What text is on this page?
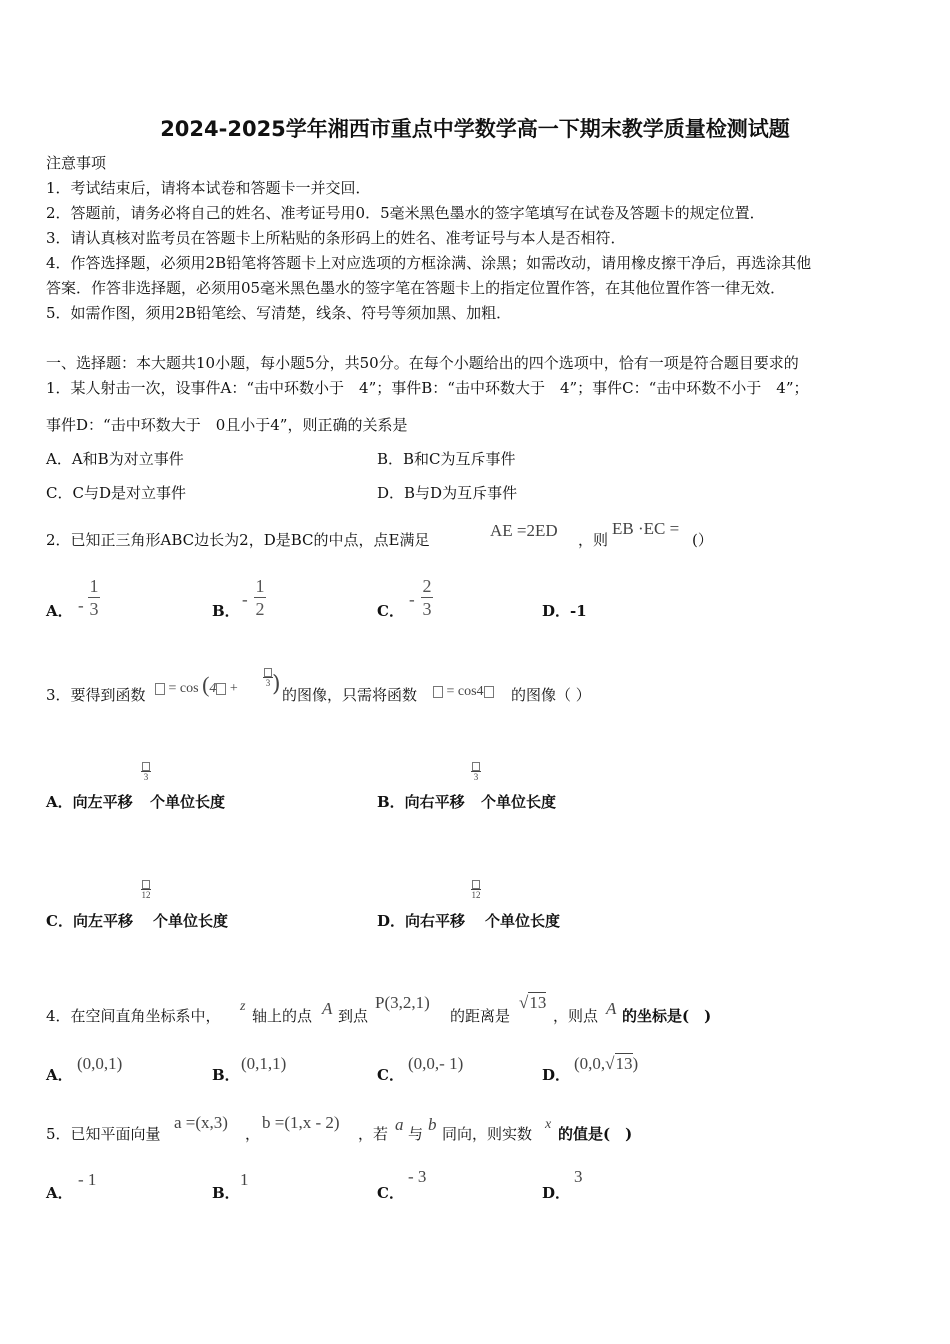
2024-2025学年湘西市重点中学数学高一下期末教学质量检测试题
注意事项
1．考试结束后，请将本试卷和答题卡一并交回．
2．答题前，请务必将自己的姓名、准考证号用0．5毫米黑色墨水的签字笔填写在试卷及答题卡的规定位置．
3．请认真核对监考员在答题卡上所粘贴的条形码上的姓名、准考证号与本人是否相符．
4．作答选择题，必须用2B铅笔将答题卡上对应选项的方框涂满、涂黑；如需改动，请用橡皮擦干净后，再选涂其他
答案．作答非选择题，必须用05毫米黑色墨水的签字笔在答题卡上的指定位置作答，在其他位置作答一律无效．
5．如需作图，须用2B铅笔绘、写清楚，线条、符号等须加黑、加粗．
一、选择题：本大题共10小题，每小题5分，共50分。在每个小题给出的四个选项中，恰有一项是符合题目要求的
1．某人射击一次，设事件A：“击中环数小于　4”；事件B：“击中环数大于　4”；事件C：“击中环数不小于　4”；
事件D：“击中环数大于　0且小于4”，则正确的关系是
A．A和B为对立事件	B．B和C为互斥事件
C．C与D是对立事件	D．B与D为互斥事件
2．已知正三角形ABC边长为2，D是BC的中点，点E满足	AE =2ED ，则
EB ·EC =
(）
A． -
1
3	B．
-
1
2	C．
-
2
3	D．-1
3．要得到函数	= cos (4 +	3 ) 的图像，只需将函数	= cos4	的图像（ ）
A．向左平移
3
个单位长度	B．向右平移
3
个单位长度
C．向左平移
12
个单位长度	D．向右平移
12
个单位长度
4．在空间直角坐标系中，
z
轴上的点 A 到点
P(3,2,1)
的距离是
√13
，则点 A 的坐标是(　)
A．
(0,0,1)
B．
(0,1,1)
C．
(0,0,- 1)
D．
(0,0,√13)
5．已知平面向量
a =(x,3)
，
b =(1,x - 2)
，若 a 与 b 同向，则实数
x
的值是(　)
A．
- 1
B．
1
C．
- 3
D．
3
